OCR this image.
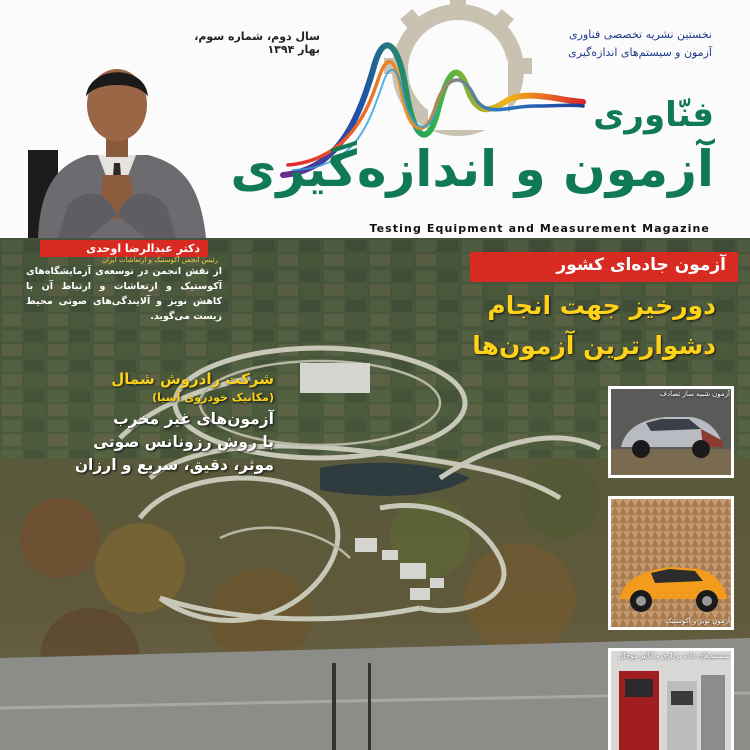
سال دوم، شماره سوم، بهار ۱۳۹۴
نخستین نشریه تخصصی فناوری
آزمون و سیستم‌های اندازه‌گیری
فنّاوری
آزمون و اندازه‌گیری
Testing Equipment and Measurement Magazine
دکتر عبدالرضا اوحدی
رئیس انجمن آکوستیک و ارتعاشات ایران
از نقش انجمن در توسعه‌ی آزمایشگاه‌های آکوستیک و ارتعاشات و ارتباط آن با کاهش نویز و آلایندگی‌های صوتی محیط زیست می‌گوید.
آزمون جاده‌ای کشور
دورخیز جهت انجام
دشوارترین آزمون‌ها
شرکت رادروش شمال
(مکانیک خودروی آسیا)
آزمون‌های غیر مخرب
با روش رزونانس صوتی
موثر، دقیق، سریع و ارزان
آزمون شبیه ساز تصادف
آزمون نویز و آکوستیک
سیستم‌های داده برداری و آنالیز موجال
